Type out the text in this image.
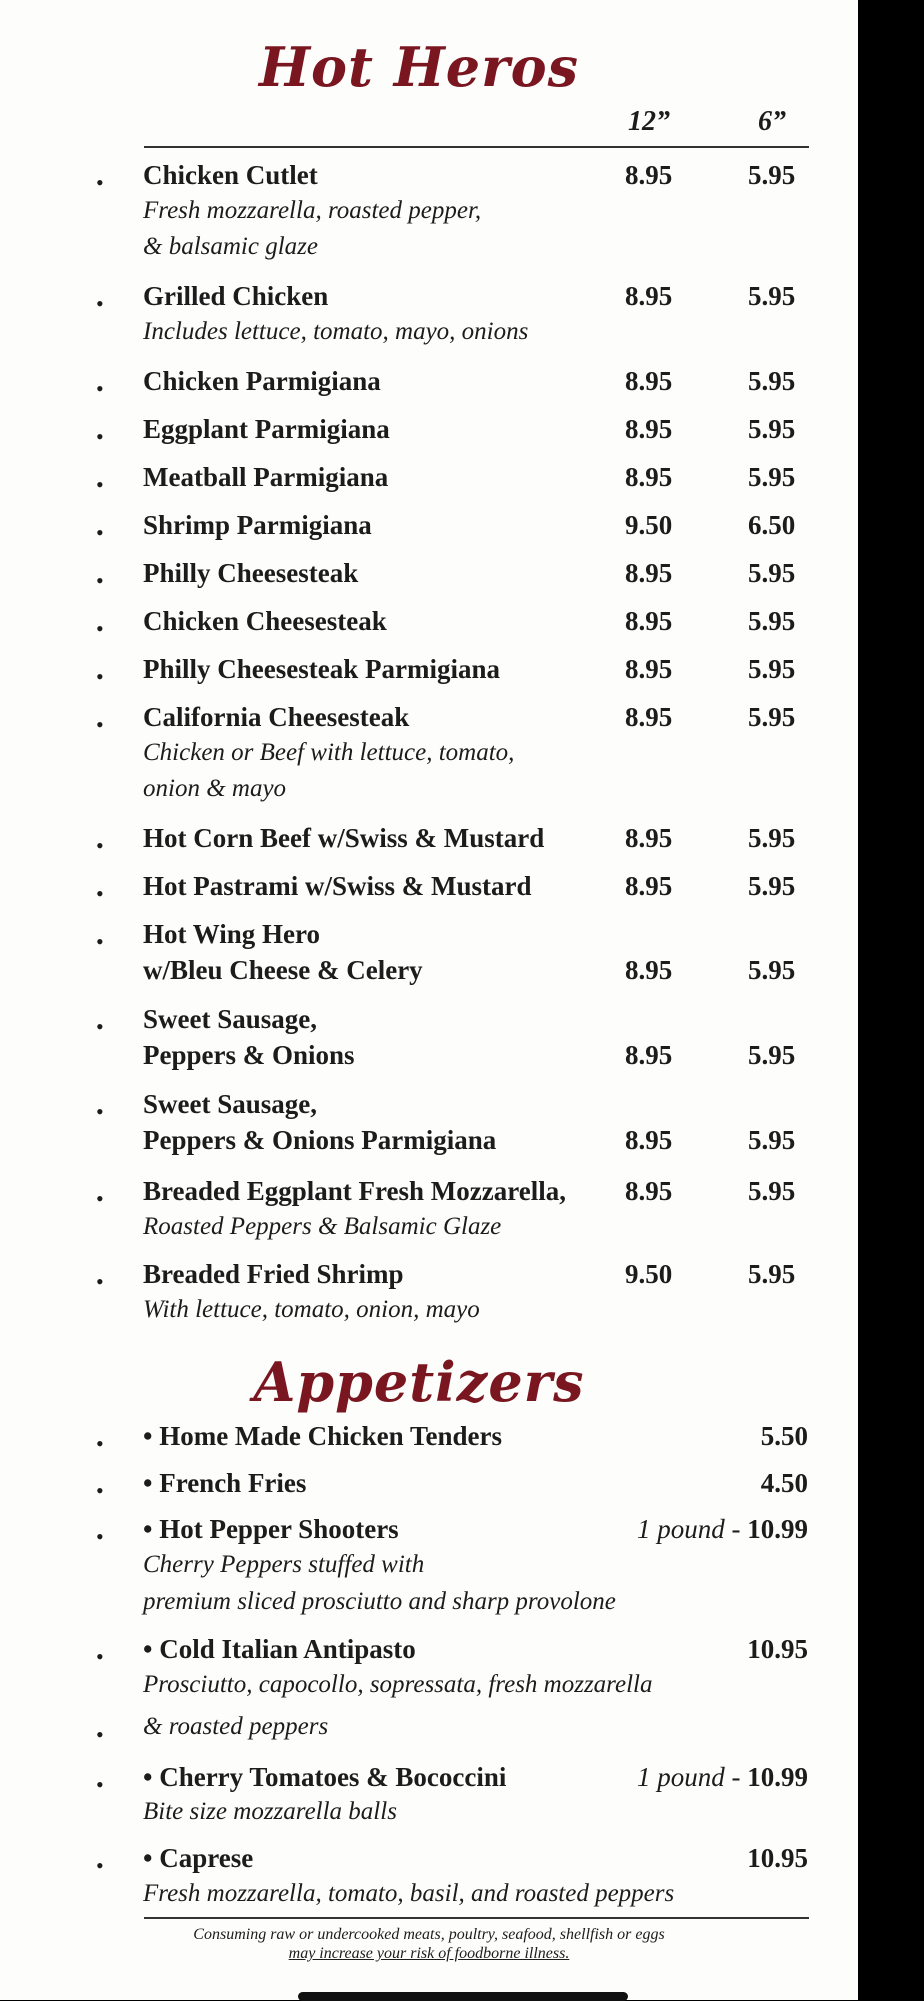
Hot Heros
12”	6”
• Chicken Cutlet
Fresh mozzarella, roasted pepper,
& balsamic glaze
8.95	5.95
• Grilled Chicken
Includes lettuce, tomato, mayo, onions
8.95	5.95
• Chicken Parmigiana	8.95	5.95
• Eggplant Parmigiana	8.95	5.95
• Meatball Parmigiana	8.95	5.95
• Shrimp Parmigiana	9.50	6.50
• Philly Cheesesteak	8.95	5.95
• Chicken Cheesesteak	8.95	5.95
• Philly Cheesesteak Parmigiana	8.95	5.95
• California Cheesesteak
Chicken or Beef with lettuce, tomato,
onion & mayo
8.95	5.95
• Hot Corn Beef w/Swiss & Mustard	8.95	5.95
• Hot Pastrami w/Swiss & Mustard	8.95	5.95
• Hot Wing Hero
w/Bleu Cheese & Celery	8.95	5.95
• Sweet Sausage,
Peppers & Onions	8.95	5.95
• Sweet Sausage,
Peppers & Onions Parmigiana	8.95	5.95
• Breaded Eggplant Fresh Mozzarella,
Roasted Peppers & Balsamic Glaze
8.95	5.95
• Breaded Fried Shrimp
With lettuce, tomato, onion, mayo
9.50	5.95
Appetizers
• • Home Made Chicken Tenders	5.50
• • French Fries	4.50
• • Hot Pepper Shooters
Cherry Peppers stuffed with
premium sliced prosciutto and sharp provolone
1 pound - 10.99
• • Cold Italian Antipasto
Prosciutto, capocollo, sopressata, fresh mozzarella
• & roasted peppers
10.95
• • Cherry Tomatoes & Bococcini
Bite size mozzarella balls
1 pound - 10.99
• • Caprese
Fresh mozzarella, tomato, basil, and roasted peppers
10.95
Consuming raw or undercooked meats, poultry, seafood, shellfish or eggs
may increase your risk of foodborne illness.
